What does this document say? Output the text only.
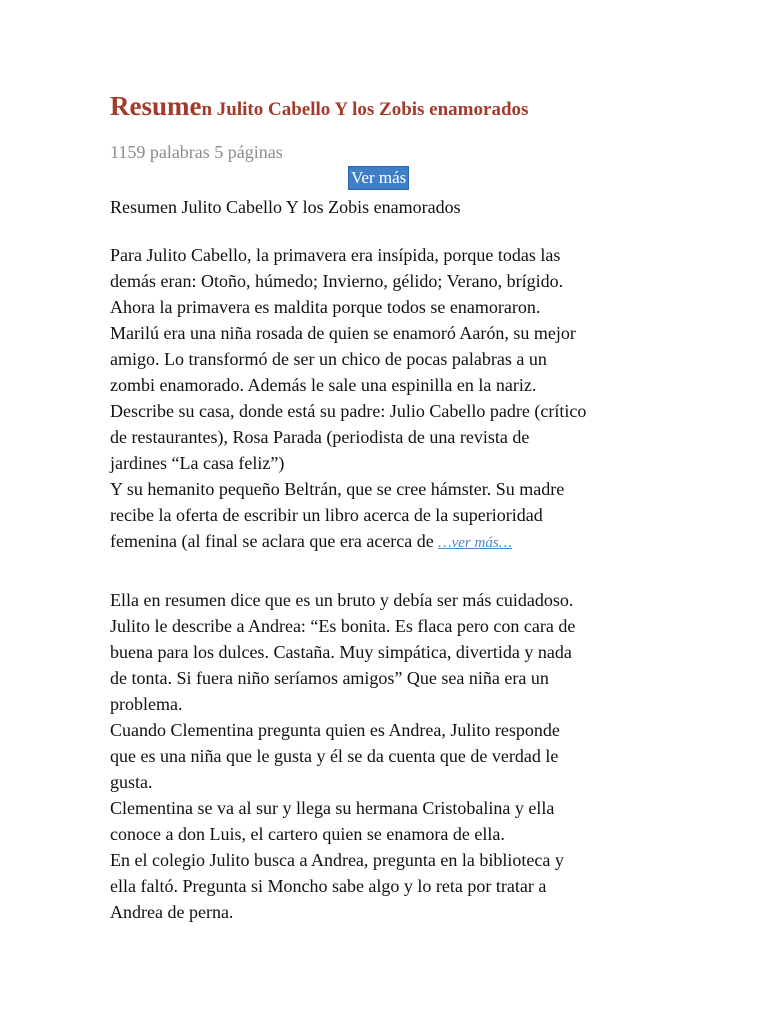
Resumen Julito Cabello Y los Zobis enamorados
1159 palabras 5 páginas
Ver más
Resumen Julito Cabello Y los Zobis enamorados
Para Julito Cabello, la primavera era insípida, porque todas las
demás eran: Otoño, húmedo; Invierno, gélido; Verano, brígido.
Ahora la primavera es maldita porque todos se enamoraron.
Marilú era una niña rosada de quien se enamoró Aarón, su mejor
amigo. Lo transformó de ser un chico de pocas palabras a un
zombi enamorado. Además le sale una espinilla en la nariz.
Describe su casa, donde está su padre: Julio Cabello padre (crítico
de restaurantes), Rosa Parada (periodista de una revista de
jardines “La casa feliz”)
Y su hemanito pequeño Beltrán, que se cree hámster. Su madre
recibe la oferta de escribir un libro acerca de la superioridad
femenina (al final se aclara que era acerca de …ver más…
Ella en resumen dice que es un bruto y debía ser más cuidadoso.
Julito le describe a Andrea: “Es bonita. Es flaca pero con cara de
buena para los dulces. Castaña. Muy simpática, divertida y nada
de tonta. Si fuera niño seríamos amigos” Que sea niña era un
problema.
Cuando Clementina pregunta quien es Andrea, Julito responde
que es una niña que le gusta y él se da cuenta que de verdad le
gusta.
Clementina se va al sur y llega su hermana Cristobalina y ella
conoce a don Luis, el cartero quien se enamora de ella.
En el colegio Julito busca a Andrea, pregunta en la biblioteca y
ella faltó. Pregunta si Moncho sabe algo y lo reta por tratar a
Andrea de perna.
